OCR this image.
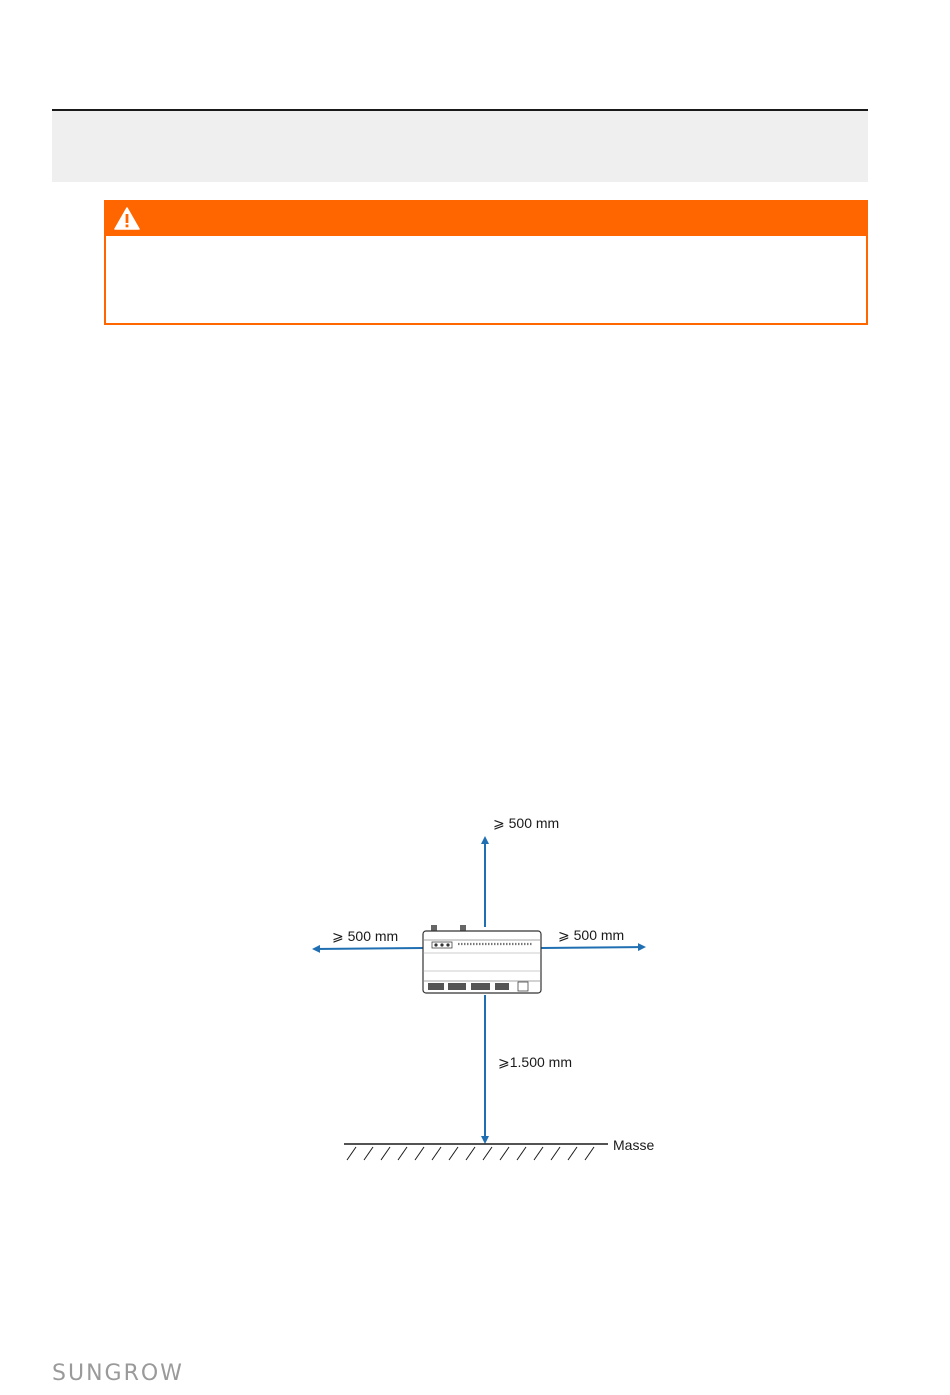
⩾ 500 mm
⩾ 500 mm	⩾ 500 mm
⩾1.500 mm
Masse
SUNGROW
